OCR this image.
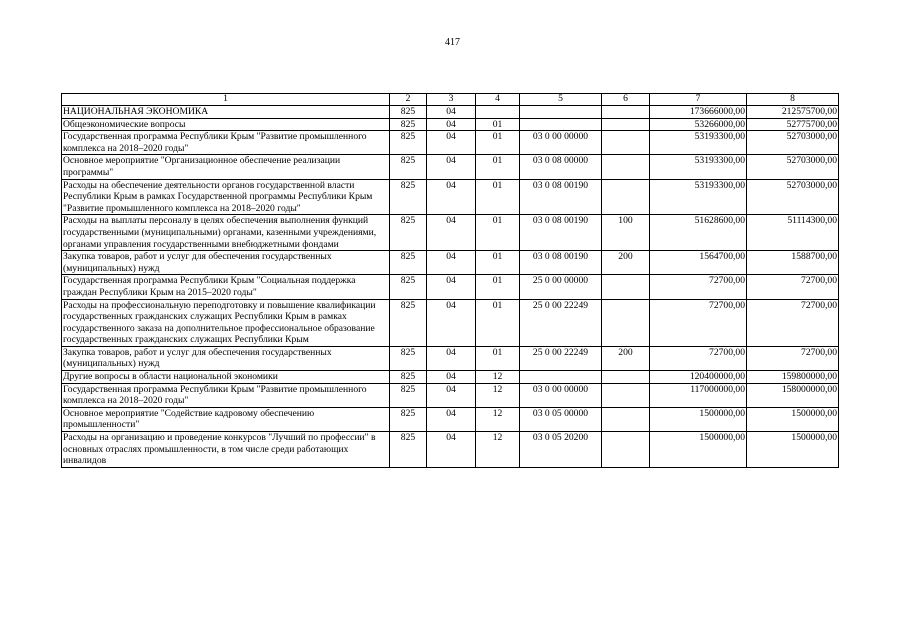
417
1	2	3	4	5	6	7	8
НАЦИОНАЛЬНАЯ ЭКОНОМИКА	825	04				173666000,00	212575700,00
Общеэкономические вопросы	825	04	01			53266000,00	52775700,00
Государственная программа Республики Крым "Развитие промышленного комплекса на 2018–2020 годы"	825	04	01	03 0 00 00000		53193300,00	52703000,00
Основное мероприятие "Организационное обеспечение реализации программы"	825	04	01	03 0 08 00000		53193300,00	52703000,00
Расходы на обеспечение деятельности органов государственной власти Республики Крым в рамках Государственной программы Республики Крым "Развитие промышленного комплекса на 2018–2020 годы"	825	04	01	03 0 08 00190		53193300,00	52703000,00
Расходы на выплаты персоналу в целях обеспечения выполнения функций государственными (муниципальными) органами, казенными учреждениями, органами управления государственными внебюджетными фондами	825	04	01	03 0 08 00190	100	51628600,00	51114300,00
Закупка товаров, работ и услуг для обеспечения государственных (муниципальных) нужд	825	04	01	03 0 08 00190	200	1564700,00	1588700,00
Государственная программа Республики Крым "Социальная поддержка граждан Республики Крым на 2015–2020 годы"	825	04	01	25 0 00 00000		72700,00	72700,00
Расходы на профессиональную переподготовку и повышение квалификации государственных гражданских служащих Республики Крым в рамках государственного заказа на дополнительное профессиональное образование государственных гражданских служащих Республики Крым	825	04	01	25 0 00 22249		72700,00	72700,00
Закупка товаров, работ и услуг для обеспечения государственных (муниципальных) нужд	825	04	01	25 0 00 22249	200	72700,00	72700,00
Другие вопросы в области национальной экономики	825	04	12			120400000,00	159800000,00
Государственная программа Республики Крым "Развитие промышленного комплекса на 2018–2020 годы"	825	04	12	03 0 00 00000		117000000,00	158000000,00
Основное мероприятие "Содействие кадровому обеспечению промышленности"	825	04	12	03 0 05 00000		1500000,00	1500000,00
Расходы на организацию и проведение конкурсов "Лучший по профессии" в основных отраслях промышленности, в том числе среди работающих инвалидов	825	04	12	03 0 05 20200		1500000,00	1500000,00
